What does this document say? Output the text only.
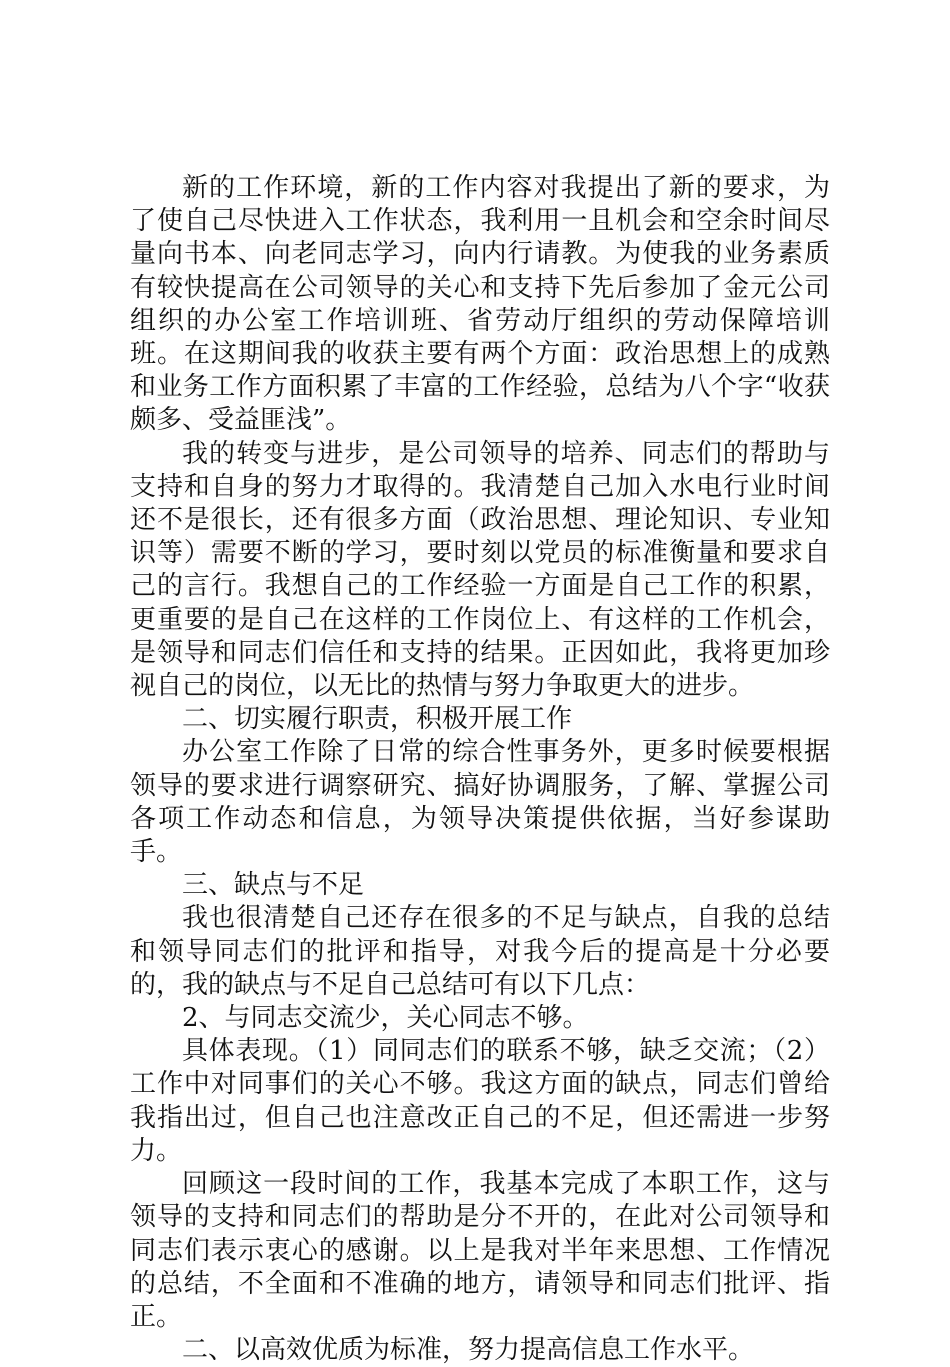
新的工作环境，新的工作内容对我提出了新的要求，为了使自己尽快进入工作状态，我利用一且机会和空余时间尽量向书本、向老同志学习，向内行请教。为使我的业务素质有较快提高在公司领导的关心和支持下先后参加了金元公司组织的办公室工作培训班、省劳动厅组织的劳动保障培训班。在这期间我的收获主要有两个方面：政治思想上的成熟和业务工作方面积累了丰富的工作经验，总结为八个字“收获颇多、受益匪浅”。

我的转变与进步，是公司领导的培养、同志们的帮助与支持和自身的努力才取得的。我清楚自己加入水电行业时间还不是很长，还有很多方面（政治思想、理论知识、专业知识等）需要不断的学习，要时刻以党员的标准衡量和要求自己的言行。我想自己的工作经验一方面是自己工作的积累，更重要的是自己在这样的工作岗位上、有这样的工作机会，是领导和同志们信任和支持的结果。正因如此，我将更加珍视自己的岗位，以无比的热情与努力争取更大的进步。

二、切实履行职责，积极开展工作

办公室工作除了日常的综合性事务外，更多时候要根据领导的要求进行调察研究、搞好协调服务，了解、掌握公司各项工作动态和信息，为领导决策提供依据，当好参谋助手。

三、缺点与不足

我也很清楚自己还存在很多的不足与缺点，自我的总结和领导同志们的批评和指导，对我今后的提高是十分必要的，我的缺点与不足自己总结可有以下几点：

2、与同志交流少，关心同志不够。

具体表现。（1）同同志们的联系不够，缺乏交流；（2）工作中对同事们的关心不够。我这方面的缺点，同志们曾给我指出过，但自己也注意改正自己的不足，但还需进一步努力。

回顾这一段时间的工作，我基本完成了本职工作，这与领导的支持和同志们的帮助是分不开的，在此对公司领导和同志们表示衷心的感谢。以上是我对半年来思想、工作情况的总结，不全面和不准确的地方，请领导和同志们批评、指正。

二、以高效优质为标准，努力提高信息工作水平。
